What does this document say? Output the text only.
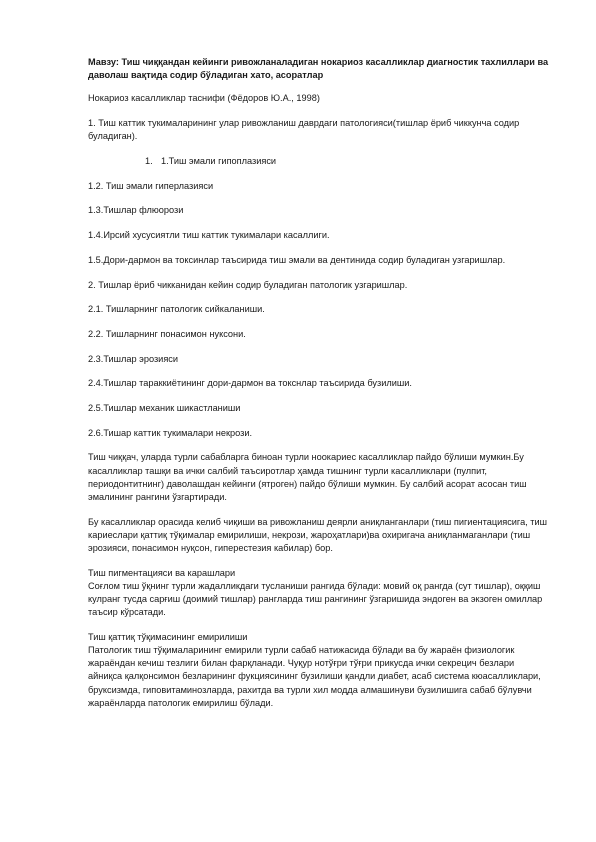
Мавзу: Тиш чиққандан кейинги ривожланаладиган нокариоз касалликлар диагностик тахлиллари ва даволаш вақтида содир бўладиган хато, асоратлар

Нокариоз касалликлар таснифи (Фёдоров Ю.А., 1998)

1. Тиш каттик тукималарининг улар ривожланиш даврдаги патологияси(тишлар ёриб чиккунча содир буладиган).

1. 1.Тиш эмали гипоплазияси

1.2. Тиш эмали гиперлазияси

1.3.Тишлар флюорози

1.4.Ирсий хусусиятли тиш каттик тукималари касаллиги.

1.5.Дори-дармон ва токсинлар таъсирида тиш эмали ва дентинида содир буладиган узгаришлар.

2. Тишлар ёриб чикканидан кейин содир буладиган патологик узгаришлар.

2.1. Тишларнинг патологик сийкаланиши.

2.2. Тишларнинг понасимон нуксони.

2.3.Тишлар эрозияси

2.4.Тишлар тараккиётининг дори-дармон ва токснлар таъсирида бузилиши.

2.5.Тишлар механик шикастланиши

2.6.Тишар каттик тукималари некрози.

Тиш чиққач, уларда турли сабабларга биноан турли ноокариес касалликлар пайдо бўлиши мумкин.Бу касалликлар ташқи ва ички салбий таъсиротлар ҳамда тишнинг турли касалликлари (пулпит, периодонтитнинг) даволашдан кейинги (ятроген) пайдо бўлиши мумкин. Бу салбий асорат асосан тиш эмалининг рангини ўзгартиради.

Бу касалликлар орасида келиб чиқиши ва ривожланиш деярли аниқланганлари (тиш пигиентациясига, тиш кариеслари қаттиқ тўқималар емирилиши, некрози, жароҳатлари)ва охиригача аниқланмаганлари (тиш эрозияси, понасимон нуқсон, гиперестезия кабилар) бор.

Тиш пигментацияси ва карашлари

Соғлом тиш ўқнинг турли жадалликдаги тусланиши рангида бўлади: мовий оқ рангда (сут тишлар), оққиш кулранг тусда сарғиш (доимий тишлар) рангларда тиш рангининг ўзгаришида эндоген ва экзоген омиллар таъсир кўрсатади.

Тиш қаттиқ тўқимасининг емирилиши

Патологик тиш тўқималарининг емирили турли сабаб натижасида бўлади ва бу жараён физиологик жараёндан кечиш тезлиги билан фарқланади. Чуқур нотўғри тўғри прикусда ички секрецич безлари айниқса қалқонсимон безларининг фукциясининг бузилиши қандли диабет, асаб система кюасалликлари, бруксизмда, гиповитаминозларда, рахитда ва турли хил модда алмашинуви бузилишига сабаб бўлувчи жараёнларда патологик емирилиш бўлади.
